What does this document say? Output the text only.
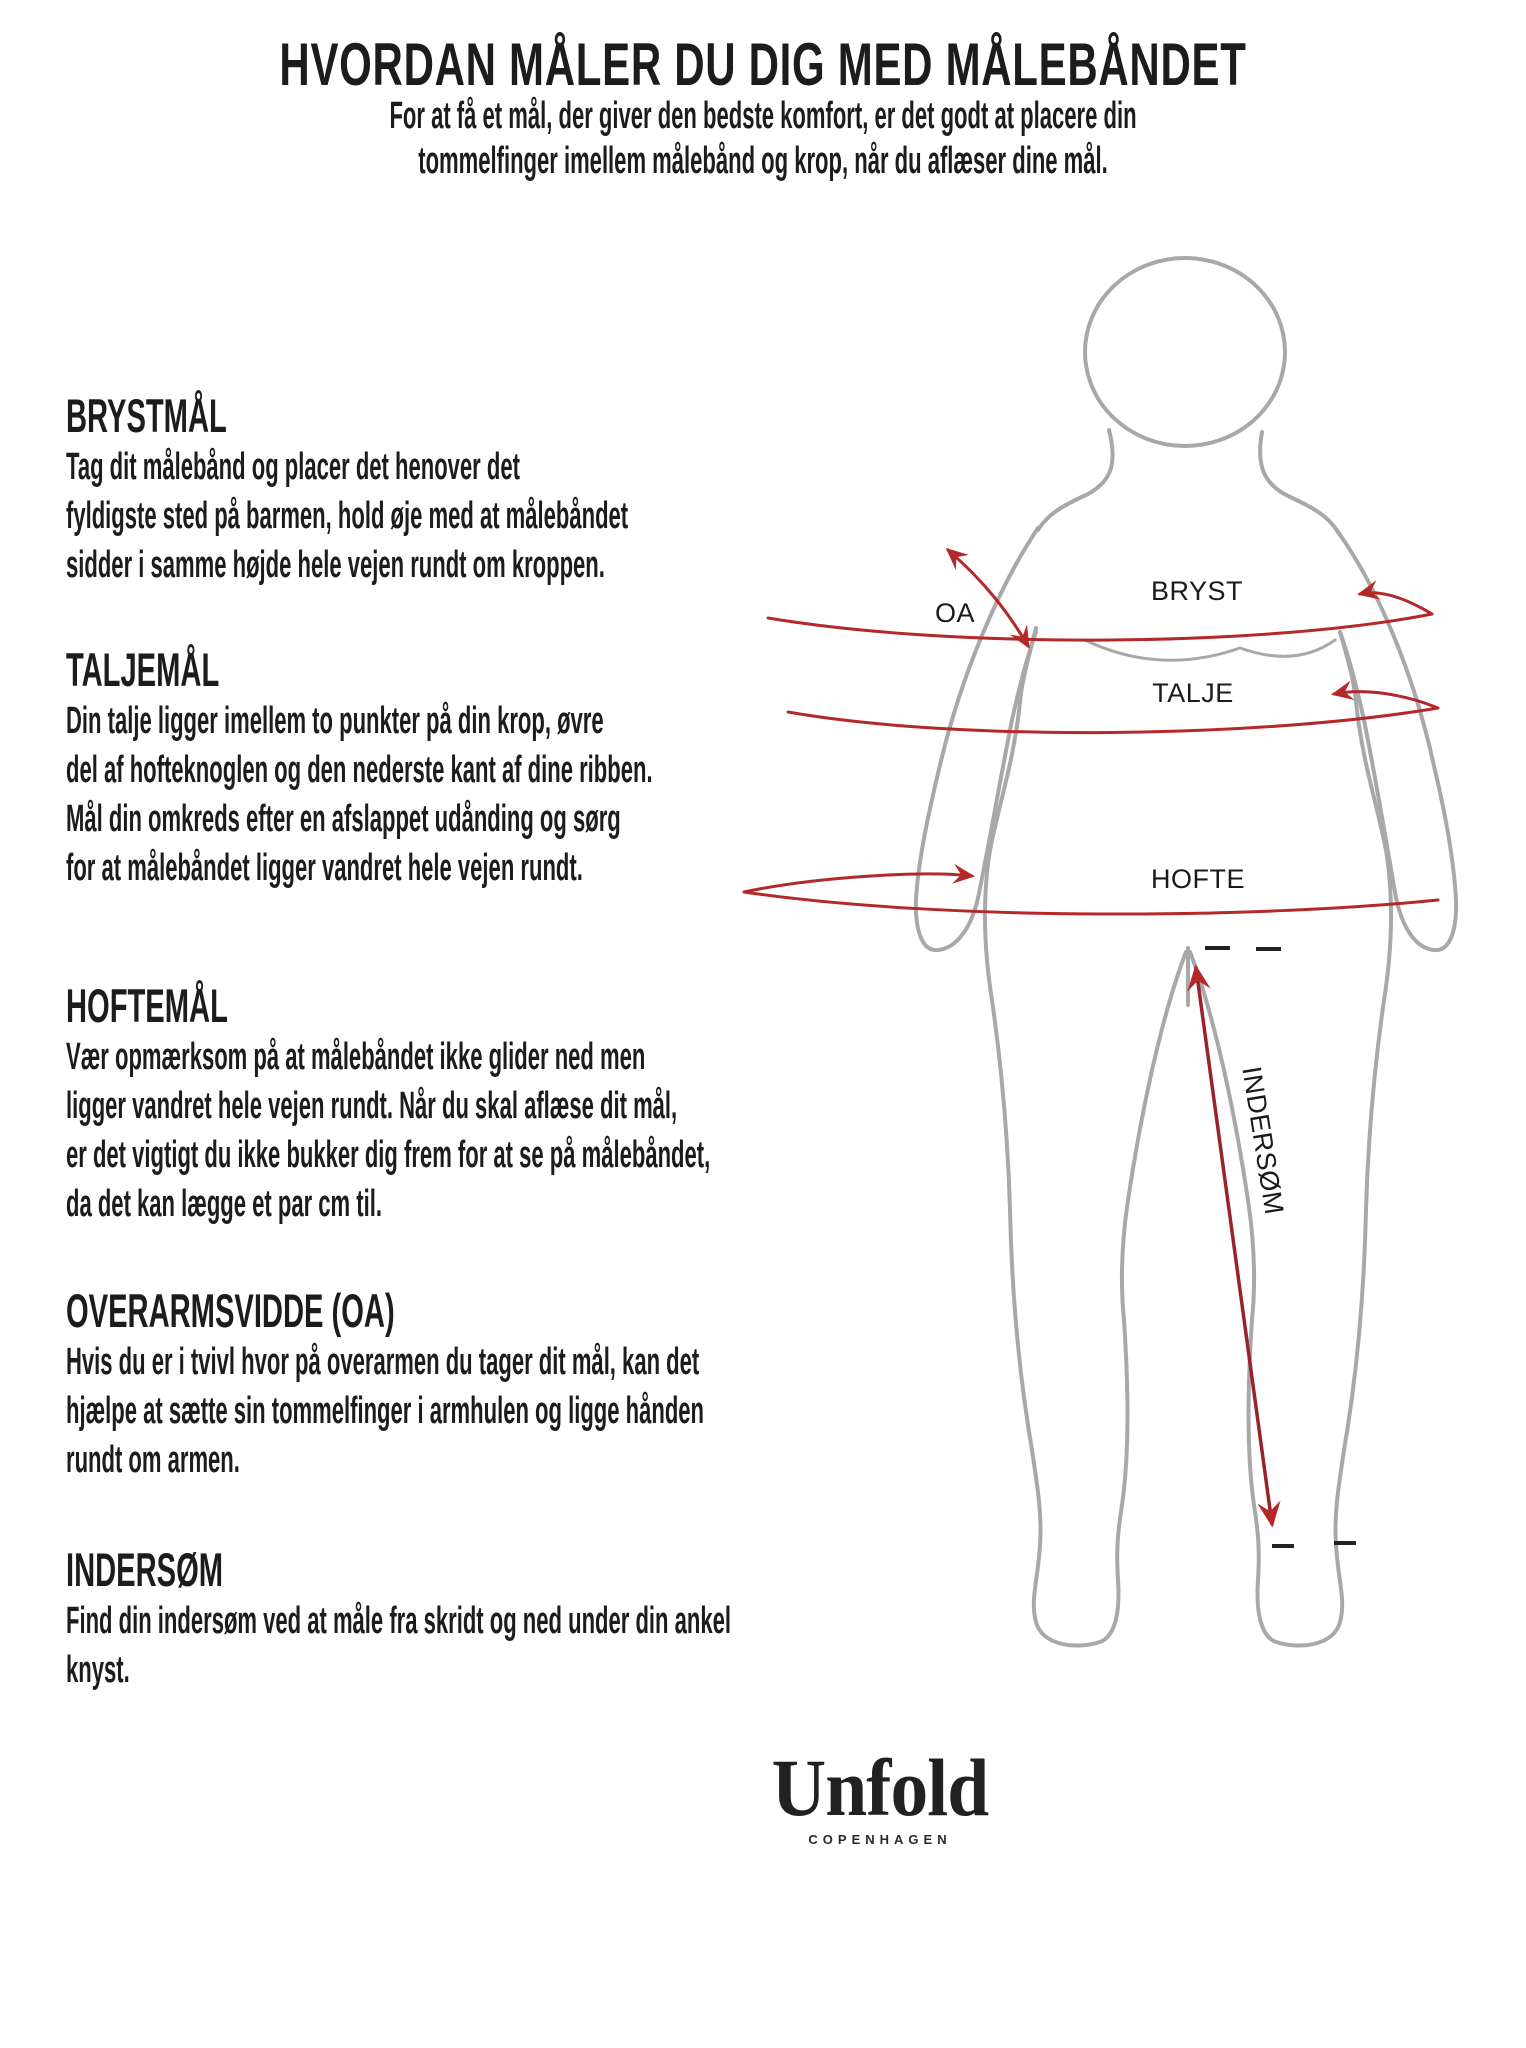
HVORDAN MÅLER DU DIG MED MÅLEBÅNDET
For at få et mål, der giver den bedste komfort, er det godt at placere din
tommelfinger imellem målebånd og krop, når du aflæser dine mål.
BRYSTMÅL
Tag dit målebånd og placer det henover det
fyldigste sted på barmen, hold øje med at målebåndet
sidder i samme højde hele vejen rundt om kroppen.
TALJEMÅL
Din talje ligger imellem to punkter på din krop, øvre
del af hofteknoglen og den nederste kant af dine ribben.
Mål din omkreds efter en afslappet udånding og sørg
for at målebåndet ligger vandret hele vejen rundt.
HOFTEMÅL
Vær opmærksom på at målebåndet ikke glider ned men
ligger vandret hele vejen rundt. Når du skal aflæse dit mål,
er det vigtigt du ikke bukker dig frem for at se på målebåndet,
da det kan lægge et par cm til.
OVERARMSVIDDE (OA)
Hvis du er i tvivl hvor på overarmen du tager dit mål, kan det
hjælpe at sætte sin tommelfinger i armhulen og ligge hånden
rundt om armen.
INDERSØM
Find din indersøm ved at måle fra skridt og ned under din ankel
knyst.
BRYST
TALJE
HOFTE
OA
INDERSØM
Unfold
COPENHAGEN
